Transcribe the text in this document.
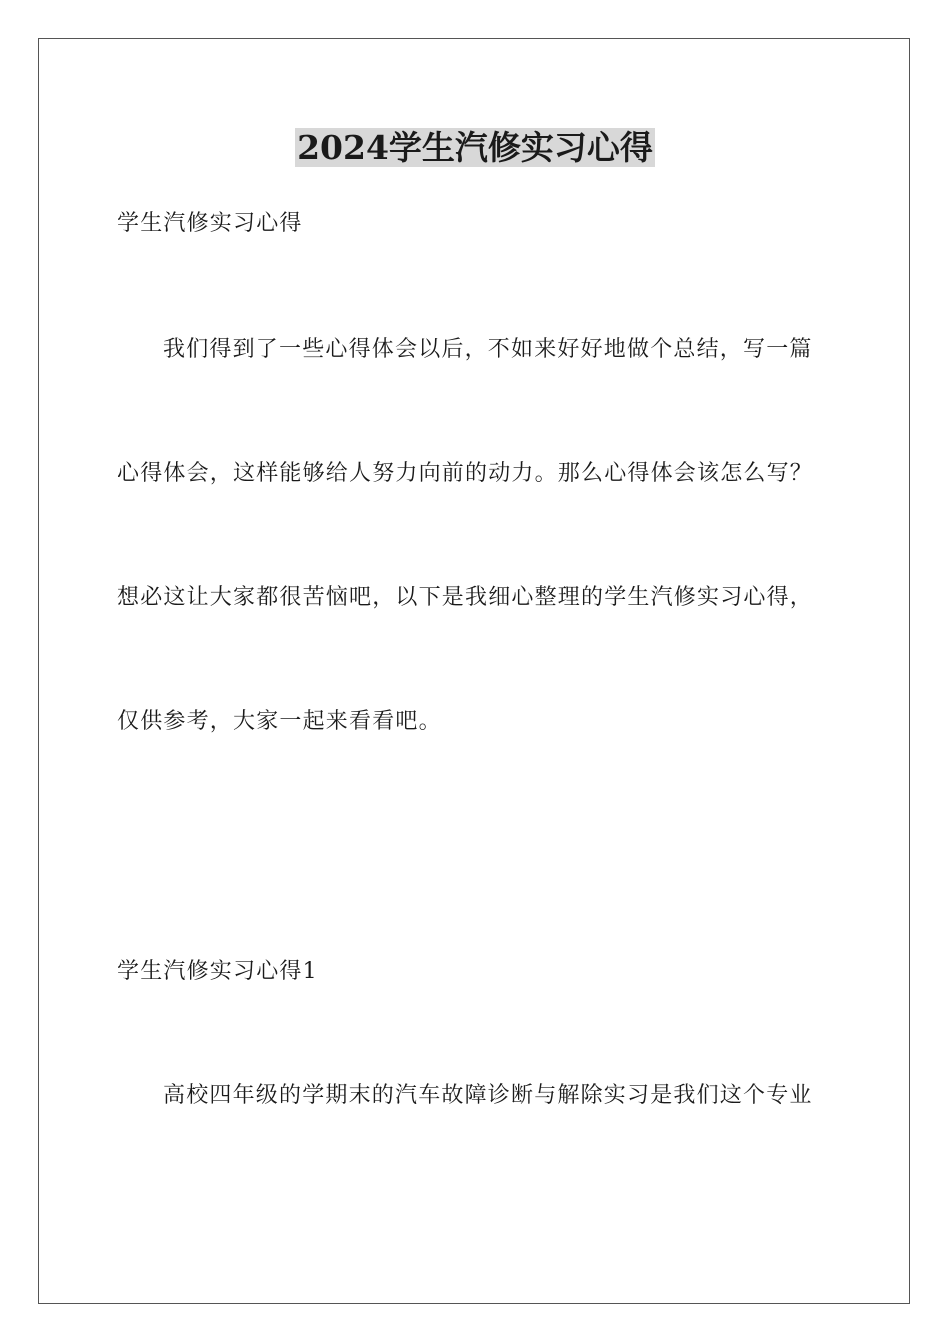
2024学生汽修实习心得
学生汽修实习心得
我们得到了一些心得体会以后，不如来好好地做个总结，写一篇
心得体会，这样能够给人努力向前的动力。那么心得体会该怎么写？
想必这让大家都很苦恼吧，以下是我细心整理的学生汽修实习心得，
仅供参考，大家一起来看看吧。
学生汽修实习心得1
高校四年级的学期末的汽车故障诊断与解除实习是我们这个专业
